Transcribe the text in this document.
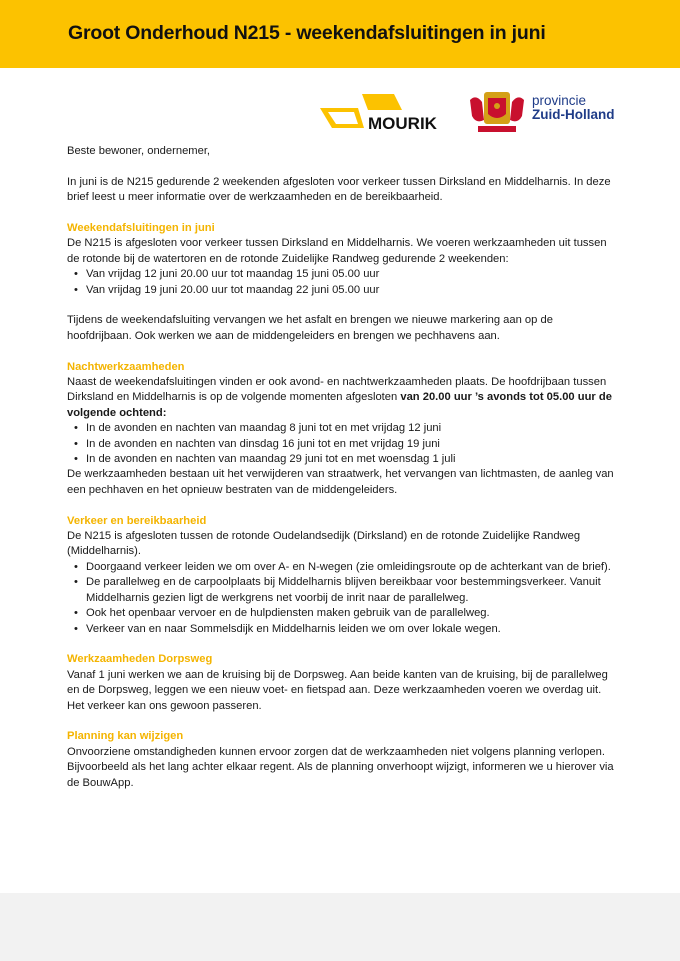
Groot Onderhoud N215 - weekendafsluitingen in juni
MOURIK
provincie
Zuid-Holland

Beste bewoner, ondernemer,

In juni is de N215 gedurende 2 weekenden afgesloten voor verkeer tussen Dirksland en Middelharnis. In deze brief leest u meer informatie over de werkzaamheden en de bereikbaarheid.

Weekendafsluitingen in juni

De N215 is afgesloten voor verkeer tussen Dirksland en Middelharnis. We voeren werkzaamheden uit tussen de rotonde bij de watertoren en de rotonde Zuidelijke Randweg gedurende 2 weekenden:

• Van vrijdag 12 juni 20.00 uur tot maandag 15 juni 05.00 uur
• Van vrijdag 19 juni 20.00 uur tot maandag 22 juni 05.00 uur

Tijdens de weekendafsluiting vervangen we het asfalt en brengen we nieuwe markering aan op de hoofdrijbaan. Ook werken we aan de middengeleiders en brengen we pechhavens aan.

Nachtwerkzaamheden

Naast de weekendafsluitingen vinden er ook avond- en nachtwerkzaamheden plaats. De hoofdrijbaan tussen Dirksland en Middelharnis is op de volgende momenten afgesloten van 20.00 uur ’s avonds tot 05.00 uur de volgende ochtend:

• In de avonden en nachten van maandag 8 juni tot en met vrijdag 12 juni
• In de avonden en nachten van dinsdag 16 juni tot en met vrijdag 19 juni
• In de avonden en nachten van maandag 29 juni tot en met woensdag 1 juli

De werkzaamheden bestaan uit het verwijderen van straatwerk, het vervangen van lichtmasten, de aanleg van een pechhaven en het opnieuw bestraten van de middengeleiders.

Verkeer en bereikbaarheid

De N215 is afgesloten tussen de rotonde Oudelandsedijk (Dirksland) en de rotonde Zuidelijke Randweg (Middelharnis).

• Doorgaand verkeer leiden we om over A- en N-wegen (zie omleidingsroute op de achterkant van de brief).
• De parallelweg en de carpoolplaats bij Middelharnis blijven bereikbaar voor bestemmingsverkeer. Vanuit Middelharnis gezien ligt de werkgrens net voorbij de inrit naar de parallelweg.
• Ook het openbaar vervoer en de hulpdiensten maken gebruik van de parallelweg.
• Verkeer van en naar Sommelsdijk en Middelharnis leiden we om over lokale wegen.
Werkzaamheden Dorpsweg

Vanaf 1 juni werken we aan de kruising bij de Dorpsweg. Aan beide kanten van de kruising, bij de parallelweg en de Dorpsweg, leggen we een nieuw voet- en fietspad aan. Deze werkzaamheden voeren we overdag uit. Het verkeer kan ons gewoon passeren.

Planning kan wijzigen

Onvoorziene omstandigheden kunnen ervoor zorgen dat de werkzaamheden niet volgens planning verlopen. Bijvoorbeeld als het lang achter elkaar regent. Als de planning onverhoopt wijzigt, informeren we u hierover via de BouwApp.
